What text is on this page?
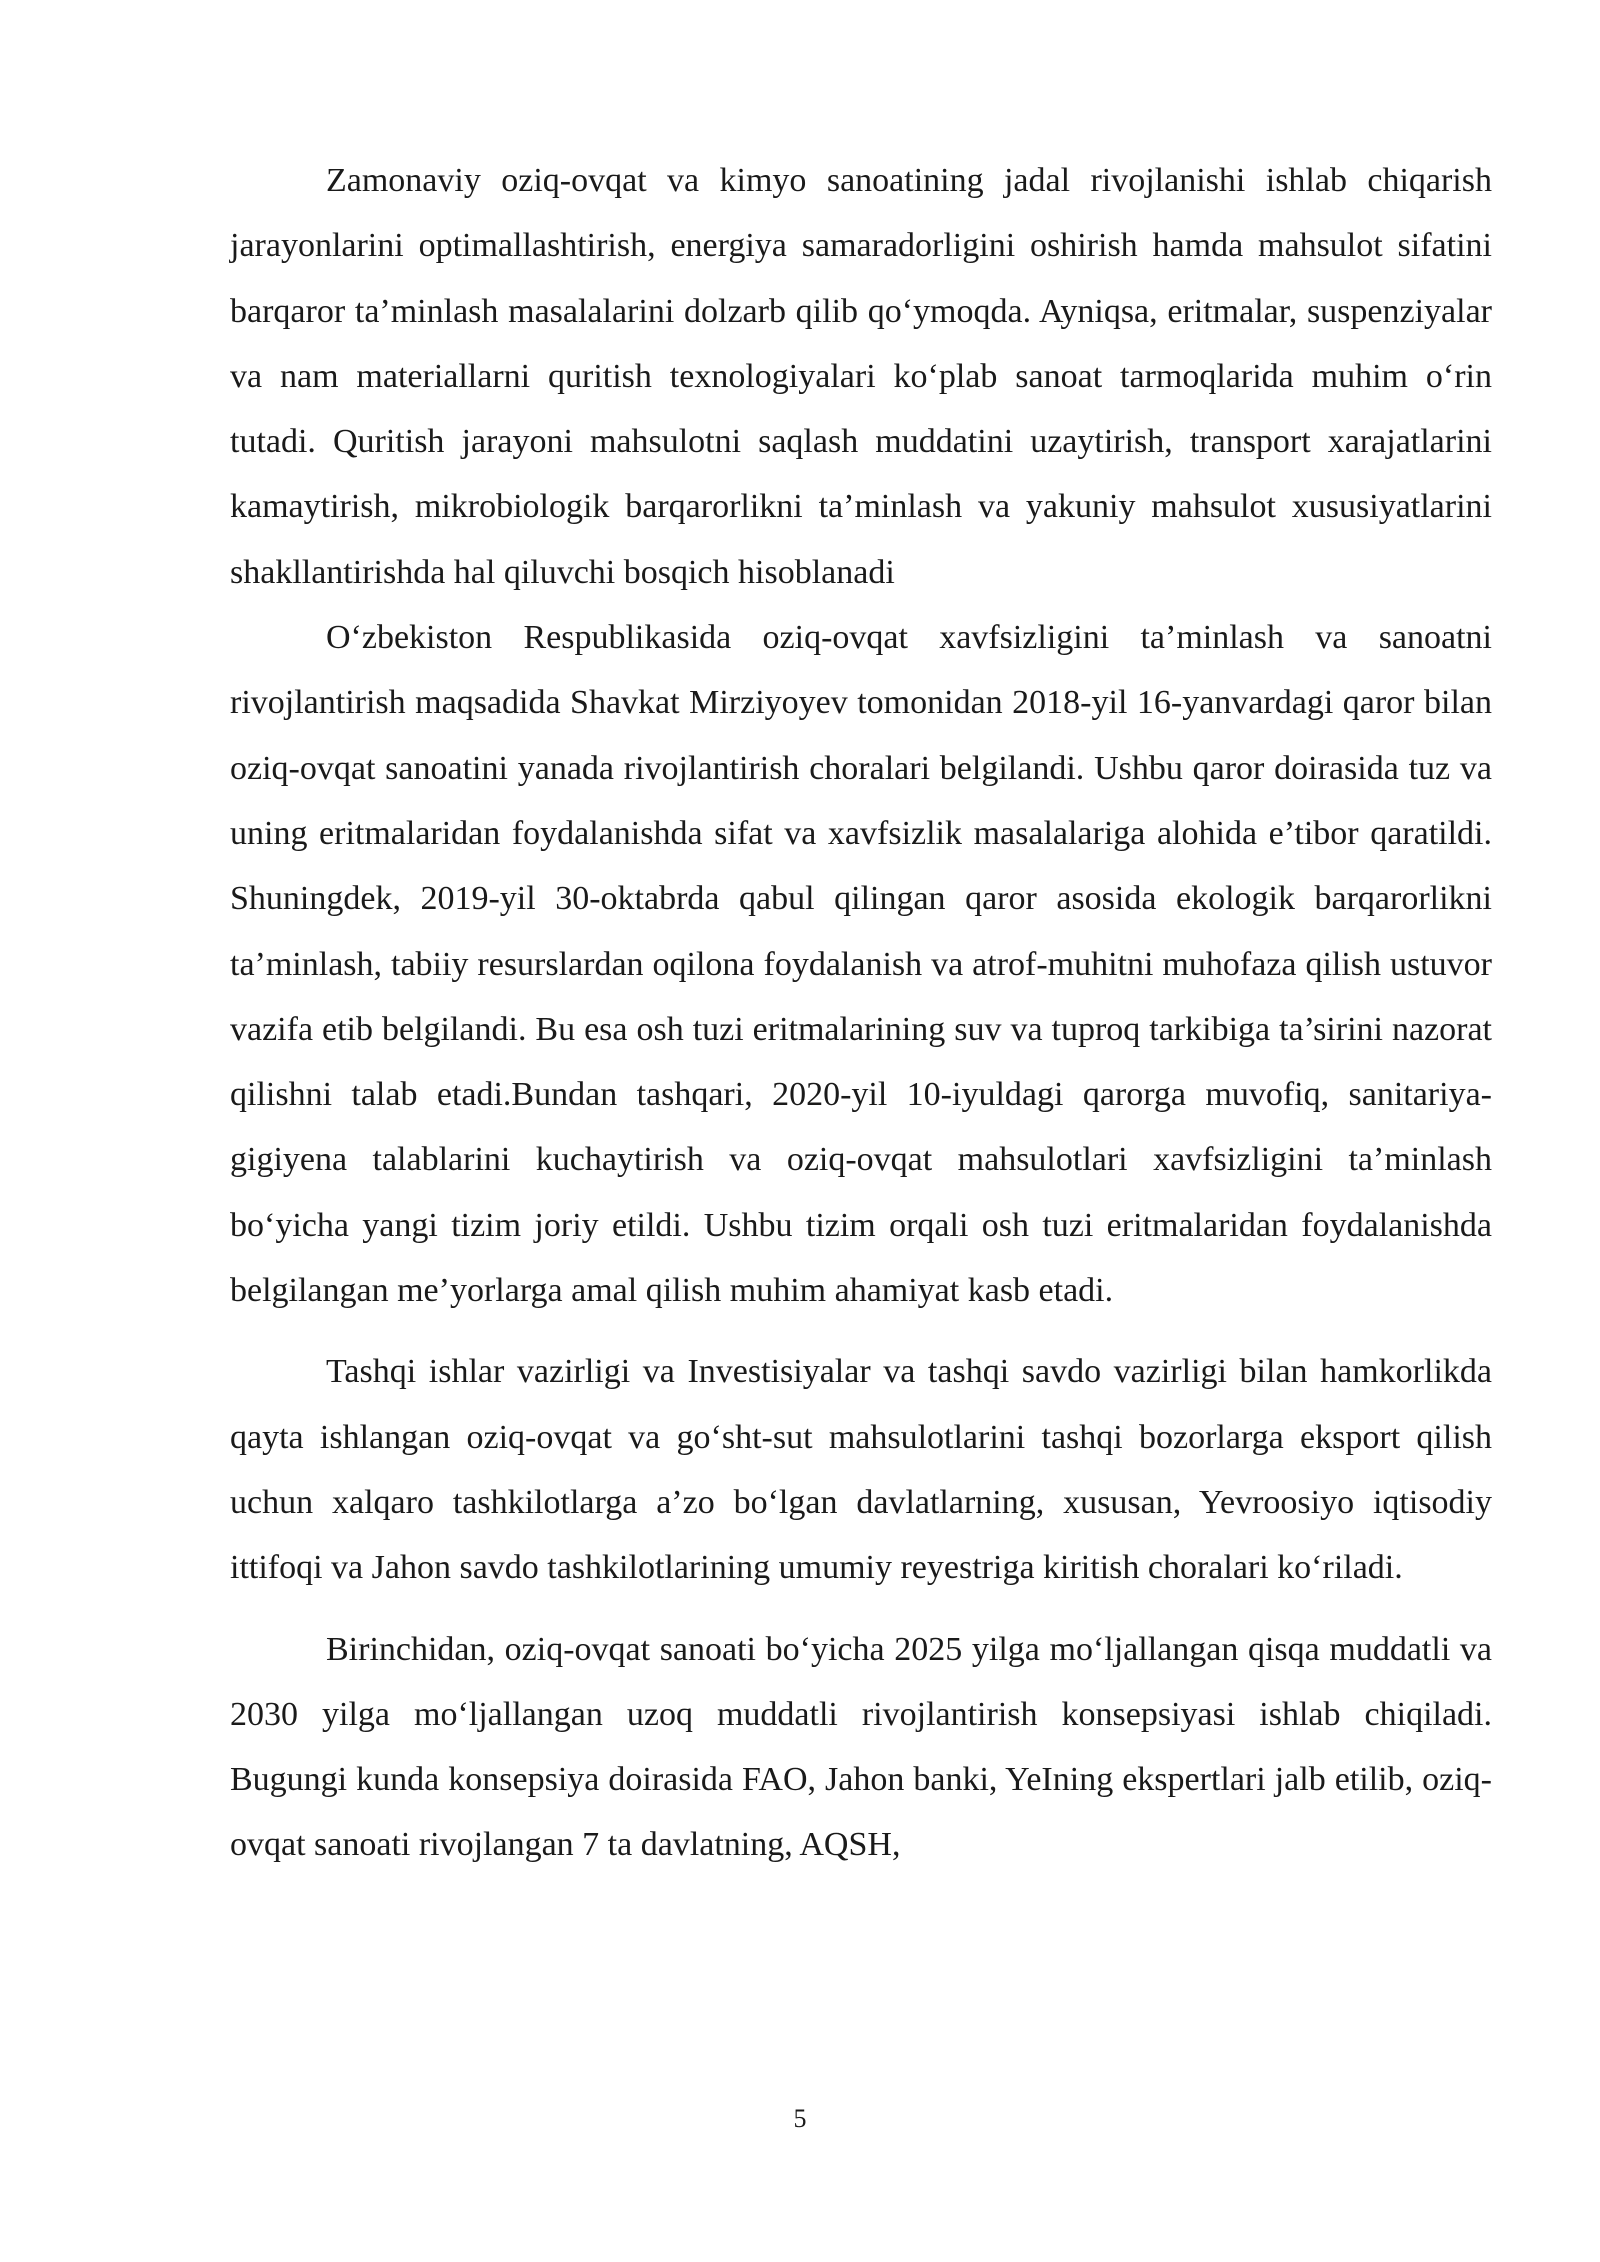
Zamonaviy oziq-ovqat va kimyo sanoatining jadal rivojlanishi ishlab chiqarish jarayonlarini optimallashtirish, energiya samaradorligini oshirish hamda mahsulot sifatini barqaror ta’minlash masalalarini dolzarb qilib qo‘ymoqda. Ayniqsa, eritmalar, suspenziyalar va nam materiallarni quritish texnologiyalari ko‘plab sanoat tarmoqlarida muhim o‘rin tutadi. Quritish jarayoni mahsulotni saqlash muddatini uzaytirish, transport xarajatlarini kamaytirish, mikrobiologik barqarorlikni ta’minlash va yakuniy mahsulot xususiyatlarini shakllantirishda hal qiluvchi bosqich hisoblanadi

O‘zbekiston Respublikasida oziq-ovqat xavfsizligini ta’minlash va sanoatni rivojlantirish maqsadida Shavkat Mirziyoyev tomonidan 2018-yil 16-yanvardagi qaror bilan oziq-ovqat sanoatini yanada rivojlantirish choralari belgilandi. Ushbu qaror doirasida tuz va uning eritmalaridan foydalanishda sifat va xavfsizlik masalalariga alohida e’tibor qaratildi. Shuningdek, 2019-yil 30-oktabrda qabul qilingan qaror asosida ekologik barqarorlikni ta’minlash, tabiiy resurslardan oqilona foydalanish va atrof-muhitni muhofaza qilish ustuvor vazifa etib belgilandi. Bu esa osh tuzi eritmalarining suv va tuproq tarkibiga ta’sirini nazorat qilishni talab etadi.Bundan tashqari, 2020-yil 10-iyuldagi qarorga muvofiq, sanitariya-gigiyena talablarini kuchaytirish va oziq-ovqat mahsulotlari xavfsizligini ta’minlash bo‘yicha yangi tizim joriy etildi. Ushbu tizim orqali osh tuzi eritmalaridan foydalanishda belgilangan me’yorlarga amal qilish muhim ahamiyat kasb etadi.

Tashqi ishlar vazirligi va Investisiyalar va tashqi savdo vazirligi bilan hamkorlikda qayta ishlangan oziq-ovqat va go‘sht-sut mahsulotlarini tashqi bozorlarga eksport qilish uchun xalqaro tashkilotlarga a’zo bo‘lgan davlatlarning, xususan, Yevroosiyo iqtisodiy ittifoqi va Jahon savdo tashkilotlarining umumiy reyestriga kiritish choralari ko‘riladi.

Birinchidan, oziq-ovqat sanoati bo‘yicha 2025 yilga mo‘ljallangan qisqa muddatli va 2030 yilga mo‘ljallangan uzoq muddatli rivojlantirish konsepsiyasi ishlab chiqiladi. Bugungi kunda konsepsiya doirasida FAO, Jahon banki, YeIning ekspertlari jalb etilib, oziq-ovqat sanoati rivojlangan 7 ta davlatning, AQSH,

5
